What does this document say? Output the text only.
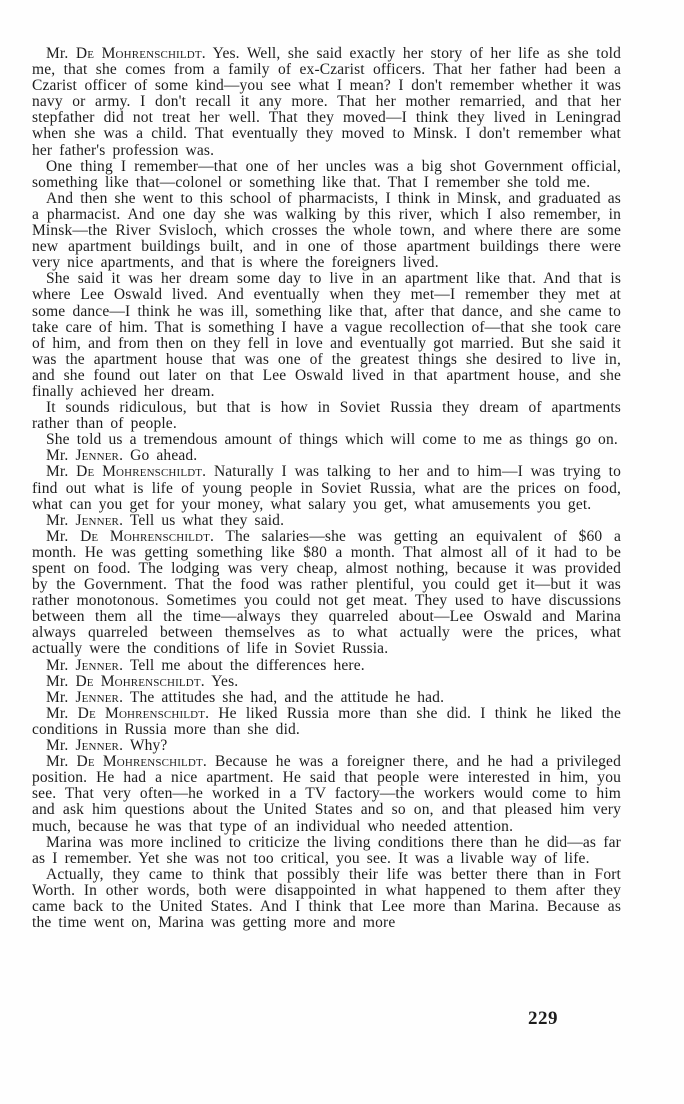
Mr. De Mohrenschildt. Yes. Well, she said exactly her story of her life as she told me, that she comes from a family of ex-Czarist officers. That her father had been a Czarist officer of some kind—you see what I mean? I don't remember whether it was navy or army. I don't recall it any more. That her mother remarried, and that her stepfather did not treat her well. That they moved—I think they lived in Leningrad when she was a child. That eventually they moved to Minsk. I don't remember what her father's profession was.

One thing I remember—that one of her uncles was a big shot Government official, something like that—colonel or something like that. That I remember she told me.

And then she went to this school of pharmacists, I think in Minsk, and graduated as a pharmacist. And one day she was walking by this river, which I also remember, in Minsk—the River Svisloch, which crosses the whole town, and where there are some new apartment buildings built, and in one of those apartment buildings there were very nice apartments, and that is where the foreigners lived.

She said it was her dream some day to live in an apartment like that. And that is where Lee Oswald lived. And eventually when they met—I remember they met at some dance—I think he was ill, something like that, after that dance, and she came to take care of him. That is something I have a vague recollection of—that she took care of him, and from then on they fell in love and eventually got married. But she said it was the apartment house that was one of the greatest things she desired to live in, and she found out later on that Lee Oswald lived in that apartment house, and she finally achieved her dream.

It sounds ridiculous, but that is how in Soviet Russia they dream of apartments rather than of people.

She told us a tremendous amount of things which will come to me as things go on.

Mr. Jenner. Go ahead.

Mr. De Mohrenschildt. Naturally I was talking to her and to him—I was trying to find out what is life of young people in Soviet Russia, what are the prices on food, what can you get for your money, what salary you get, what amusements you get.

Mr. Jenner. Tell us what they said.

Mr. De Mohrenschildt. The salaries—she was getting an equivalent of $60 a month. He was getting something like $80 a month. That almost all of it had to be spent on food. The lodging was very cheap, almost nothing, because it was provided by the Government. That the food was rather plentiful, you could get it—but it was rather monotonous. Sometimes you could not get meat. They used to have discussions between them all the time—always they quarreled about—Lee Oswald and Marina always quarreled between themselves as to what actually were the prices, what actually were the conditions of life in Soviet Russia.

Mr. Jenner. Tell me about the differences here.

Mr. De Mohrenschildt. Yes.

Mr. Jenner. The attitudes she had, and the attitude he had.

Mr. De Mohrenschildt. He liked Russia more than she did. I think he liked the conditions in Russia more than she did.

Mr. Jenner. Why?

Mr. De Mohrenschildt. Because he was a foreigner there, and he had a privileged position. He had a nice apartment. He said that people were interested in him, you see. That very often—he worked in a TV factory—the workers would come to him and ask him questions about the United States and so on, and that pleased him very much, because he was that type of an individual who needed attention.

Marina was more inclined to criticize the living conditions there than he did—as far as I remember. Yet she was not too critical, you see. It was a livable way of life.

Actually, they came to think that possibly their life was better there than in Fort Worth. In other words, both were disappointed in what happened to them after they came back to the United States. And I think that Lee more than Marina. Because as the time went on, Marina was getting more and more

229
